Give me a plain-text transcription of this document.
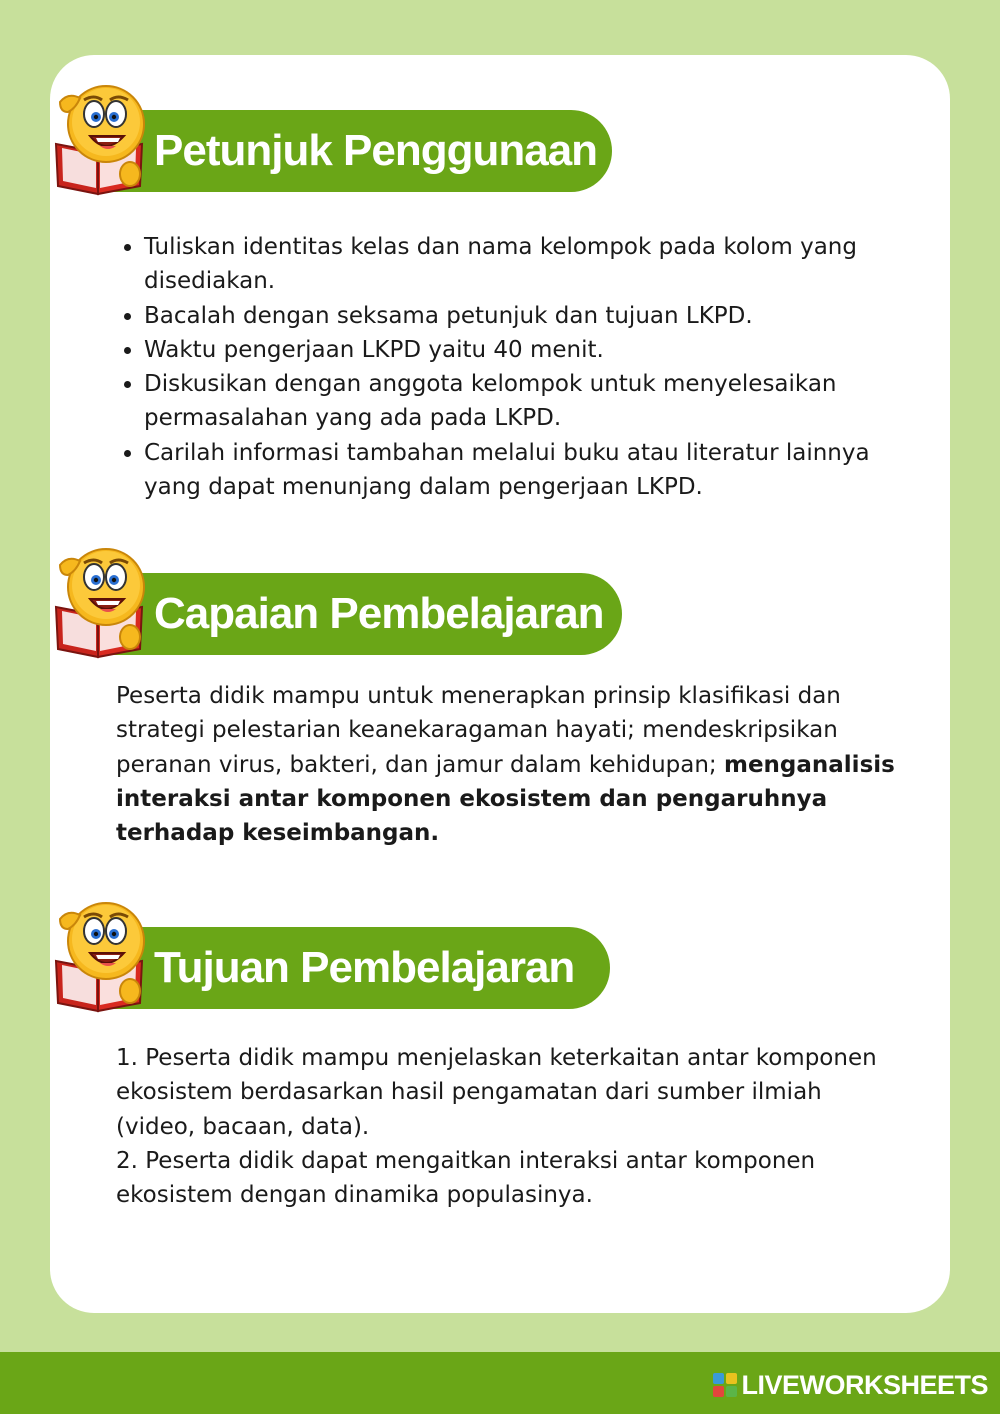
Petunjuk Penggunaan
• Tuliskan identitas kelas dan nama kelompok pada kolom yang disediakan.
• Bacalah dengan seksama petunjuk dan tujuan LKPD.
• Waktu pengerjaan LKPD yaitu 40 menit.
• Diskusikan dengan anggota kelompok untuk menyelesaikan permasalahan yang ada pada LKPD.
• Carilah informasi tambahan melalui buku atau literatur lainnya yang dapat menunjang dalam pengerjaan LKPD.
Capaian Pembelajaran

Peserta didik mampu untuk menerapkan prinsip klasifikasi dan strategi pelestarian keanekaragaman hayati; mendeskripsikan peranan virus, bakteri, dan jamur dalam kehidupan; menganalisis interaksi antar komponen ekosistem dan pengaruhnya terhadap keseimbangan.

Tujuan Pembelajaran

1. Peserta didik mampu menjelaskan keterkaitan antar komponen ekosistem berdasarkan hasil pengamatan dari sumber ilmiah (video, bacaan, data).

2. Peserta didik dapat mengaitkan interaksi antar komponen ekosistem dengan dinamika populasinya.

LIVEWORKSHEETS
